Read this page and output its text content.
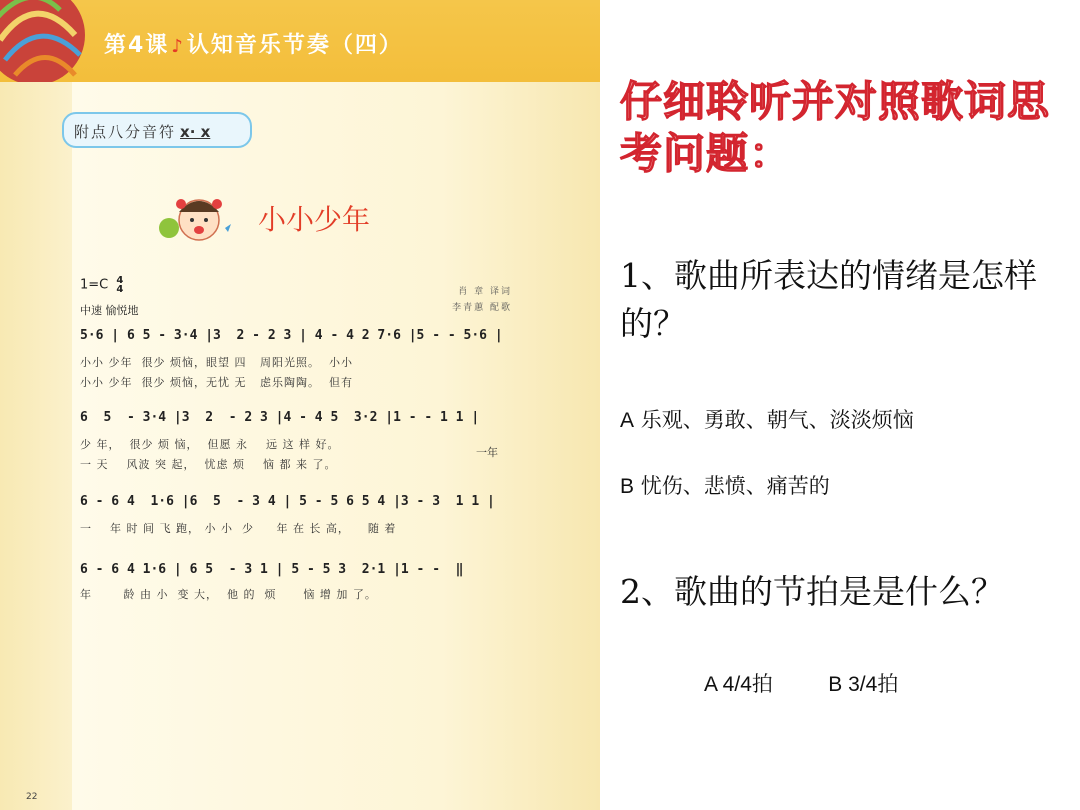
第4课 ♪认知音乐节奏（四）
附点八分音符 x· x
小小少年
1=C 4
4
中速 愉悦地
肖 章 译词
李青蕙 配歌
5·6 | 6 5 - 3·4 |3  2 - 2 3 | 4 - 4 2 7·6 |5 - - 5·6 |
小小 少年  很少 烦恼，眼望 四   周阳光照。  小小
小小 少年  很少 烦恼，无忧 无   虑乐陶陶。  但有
6  5  - 3·4 |3  2  - 2 3 |4 - 4 5  3·2 |1 - - 1 1 |
少 年，  很少 烦 恼，  但愿 永    远 这 样 好。
一 天    风波 突 起，  忧虑 烦    恼 都 来 了。
一年
6 - 6 4  1·6 |6  5  - 3 4 | 5 - 5 6 5 4 |3 - 3  1 1 |
一    年 时 间 飞 跑， 小 小  少     年 在 长 高，    随 着
6 - 6 4 1·6 | 6 5  - 3 1 | 5 - 5 3  2·1 |1 - -  ‖
年       龄 由 小  变 大，  他 的  烦      恼 增 加 了。
22
仔细聆听并对照歌词思考问题：
1、歌曲所表达的情绪是怎样的？
A 乐观、勇敢、朝气、淡淡烦恼
B 忧伤、悲愤、痛苦的
2、歌曲的节拍是是什么？
A 4/4拍	B 3/4拍
